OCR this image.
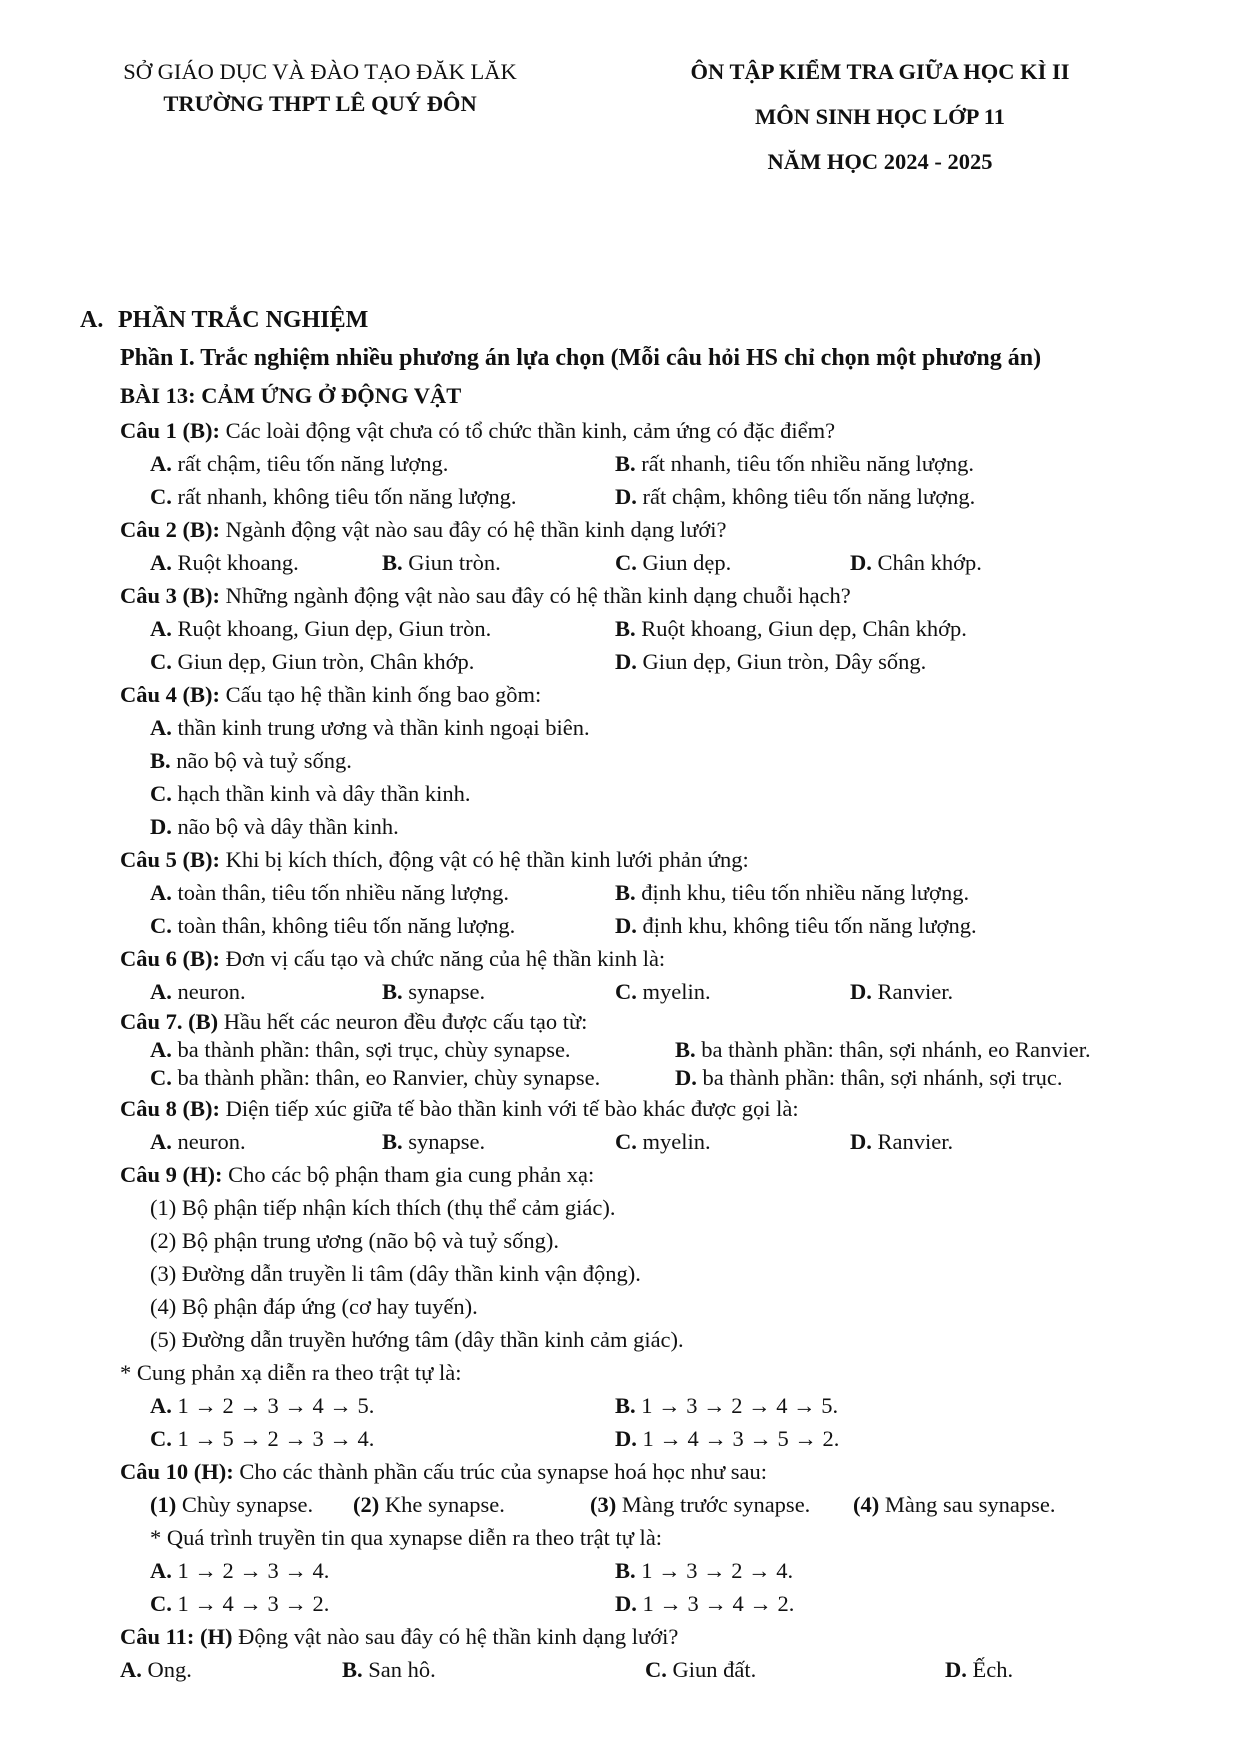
SỞ GIÁO DỤC VÀ ĐÀO TẠO ĐĂK LĂK
TRƯỜNG THPT LÊ QUÝ ĐÔN
ÔN TẬP KIỂM TRA GIỮA HỌC KÌ II
MÔN SINH HỌC LỚP 11
NĂM HỌC 2024 - 2025
A. PHẦN TRẮC NGHIỆM
Phần I. Trắc nghiệm nhiều phương án lựa chọn (Mỗi câu hỏi HS chỉ chọn một phương án)
BÀI 13: CẢM ỨNG Ở ĐỘNG VẬT
Câu 1 (B): Các loài động vật chưa có tổ chức thần kinh, cảm ứng có đặc điểm?
A. rất chậm, tiêu tốn năng lượng.	B. rất nhanh, tiêu tốn nhiều năng lượng.
C. rất nhanh, không tiêu tốn năng lượng.	D. rất chậm, không tiêu tốn năng lượng.
Câu 2 (B): Ngành động vật nào sau đây có hệ thần kinh dạng lưới?
A. Ruột khoang.	B. Giun tròn.	C. Giun dẹp.	D. Chân khớp.
Câu 3 (B): Những ngành động vật nào sau đây có hệ thần kinh dạng chuỗi hạch?
A. Ruột khoang, Giun dẹp, Giun tròn.	B. Ruột khoang, Giun dẹp, Chân khớp.
C. Giun dẹp, Giun tròn, Chân khớp.	D. Giun dẹp, Giun tròn, Dây sống.
Câu 4 (B): Cấu tạo hệ thần kinh ống bao gồm:
A. thần kinh trung ương và thần kinh ngoại biên.
B. não bộ và tuỷ sống.
C. hạch thần kinh và dây thần kinh.
D. não bộ và dây thần kinh.
Câu 5 (B): Khi bị kích thích, động vật có hệ thần kinh lưới phản ứng:
A. toàn thân, tiêu tốn nhiều năng lượng.	B. định khu, tiêu tốn nhiều năng lượng.
C. toàn thân, không tiêu tốn năng lượng.	D. định khu, không tiêu tốn năng lượng.
Câu 6 (B): Đơn vị cấu tạo và chức năng của hệ thần kinh là:
A. neuron.	B. synapse.	C. myelin.	D. Ranvier.
Câu 7. (B) Hầu hết các neuron đều được cấu tạo từ:
A. ba thành phần: thân, sợi trục, chùy synapse.	B. ba thành phần: thân, sợi nhánh, eo Ranvier.
C. ba thành phần: thân, eo Ranvier, chùy synapse.	D. ba thành phần: thân, sợi nhánh, sợi trục.
Câu 8 (B): Diện tiếp xúc giữa tế bào thần kinh với tế bào khác được gọi là:
A. neuron.	B. synapse.	C. myelin.	D. Ranvier.
Câu 9 (H): Cho các bộ phận tham gia cung phản xạ:
(1) Bộ phận tiếp nhận kích thích (thụ thể cảm giác).
(2) Bộ phận trung ương (não bộ và tuỷ sống).
(3) Đường dẫn truyền li tâm (dây thần kinh vận động).
(4) Bộ phận đáp ứng (cơ hay tuyến).
(5) Đường dẫn truyền hướng tâm (dây thần kinh cảm giác).
* Cung phản xạ diễn ra theo trật tự là:
A. 1 → 2 → 3 → 4 → 5.	B. 1 → 3 → 2 → 4 → 5.
C. 1 → 5 → 2 → 3 → 4.	D. 1 → 4 → 3 → 5 → 2.
Câu 10 (H): Cho các thành phần cấu trúc của synapse hoá học như sau:
(1) Chùy synapse. (2) Khe synapse.	(3) Màng trước synapse. (4) Màng sau synapse.
* Quá trình truyền tin qua xynapse diễn ra theo trật tự là:
A. 1 → 2 → 3 → 4.	B. 1 → 3 → 2 → 4.
C. 1 → 4 → 3 → 2.	D. 1 → 3 → 4 → 2.
Câu 11: (H) Động vật nào sau đây có hệ thần kinh dạng lưới?
A. Ong.	B. San hô.	C. Giun đất.	D. Ếch.
